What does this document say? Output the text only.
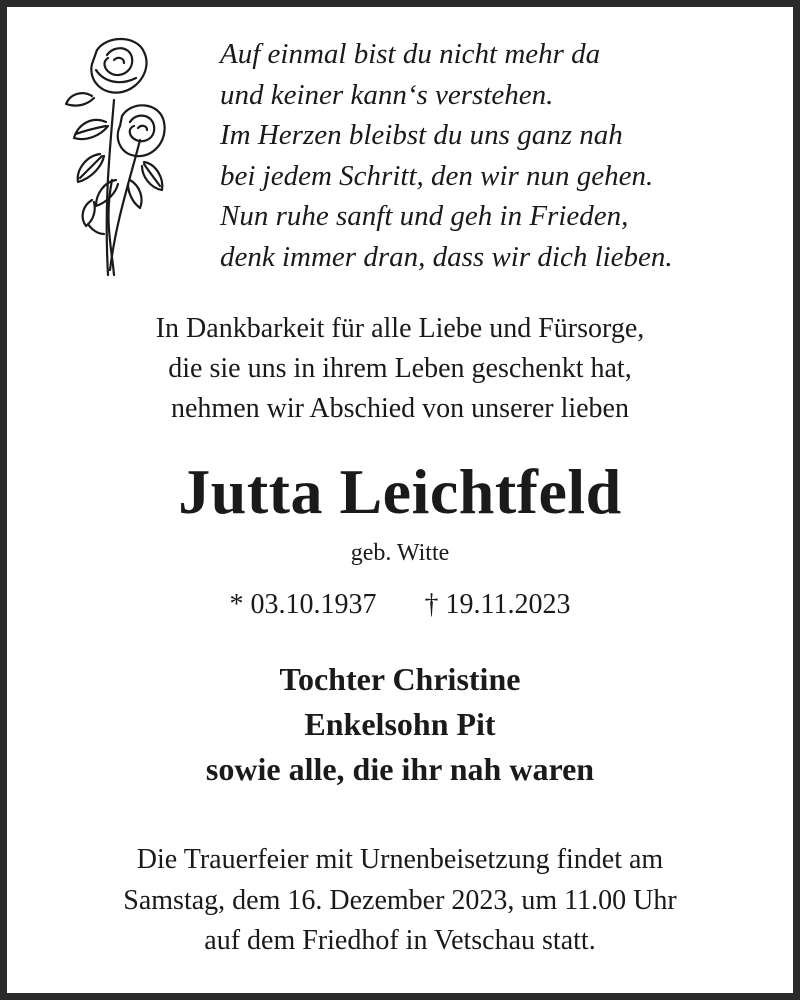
Auf einmal bist du nicht mehr da
und keiner kann‘s verstehen.
Im Herzen bleibst du uns ganz nah
bei jedem Schritt, den wir nun gehen.
Nun ruhe sanft und geh in Frieden,
denk immer dran, dass wir dich lieben.
In Dankbarkeit für alle Liebe und Fürsorge,
die sie uns in ihrem Leben geschenkt hat,
nehmen wir Abschied von unserer lieben
Jutta Leichtfeld
geb. Witte
* 03.10.1937 † 19.11.2023
Tochter Christine
Enkelsohn Pit
sowie alle, die ihr nah waren
Die Trauerfeier mit Urnenbeisetzung findet am
Samstag, dem 16. Dezember 2023, um 11.00 Uhr
auf dem Friedhof in Vetschau statt.
